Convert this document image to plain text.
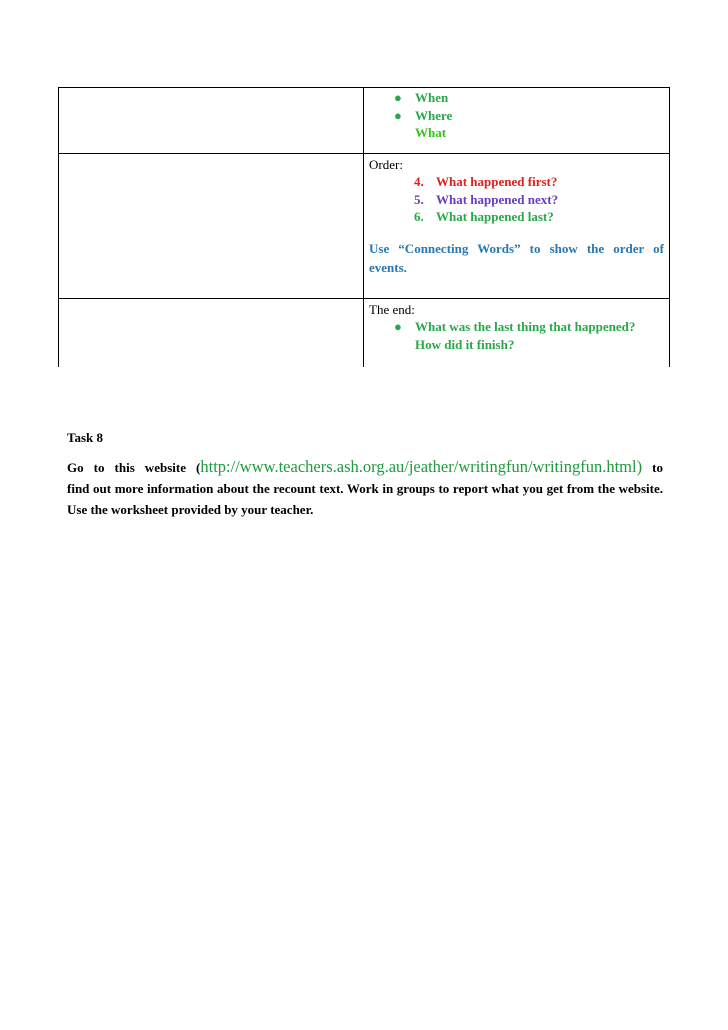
● When
● Where
What
Order:
4. What happened first?
5. What happened next?
6. What happened last?
Use “Connecting Words” to show the order of events.
The end:
● What was the last thing that happened?
How did it finish?
Task 8
Go to this website (http://www.teachers.ash.org.au/jeather/writingfun/writingfun.html) to
find out more information about the recount text. Work in groups to report what you get from the website. Use the worksheet provided by your teacher.
